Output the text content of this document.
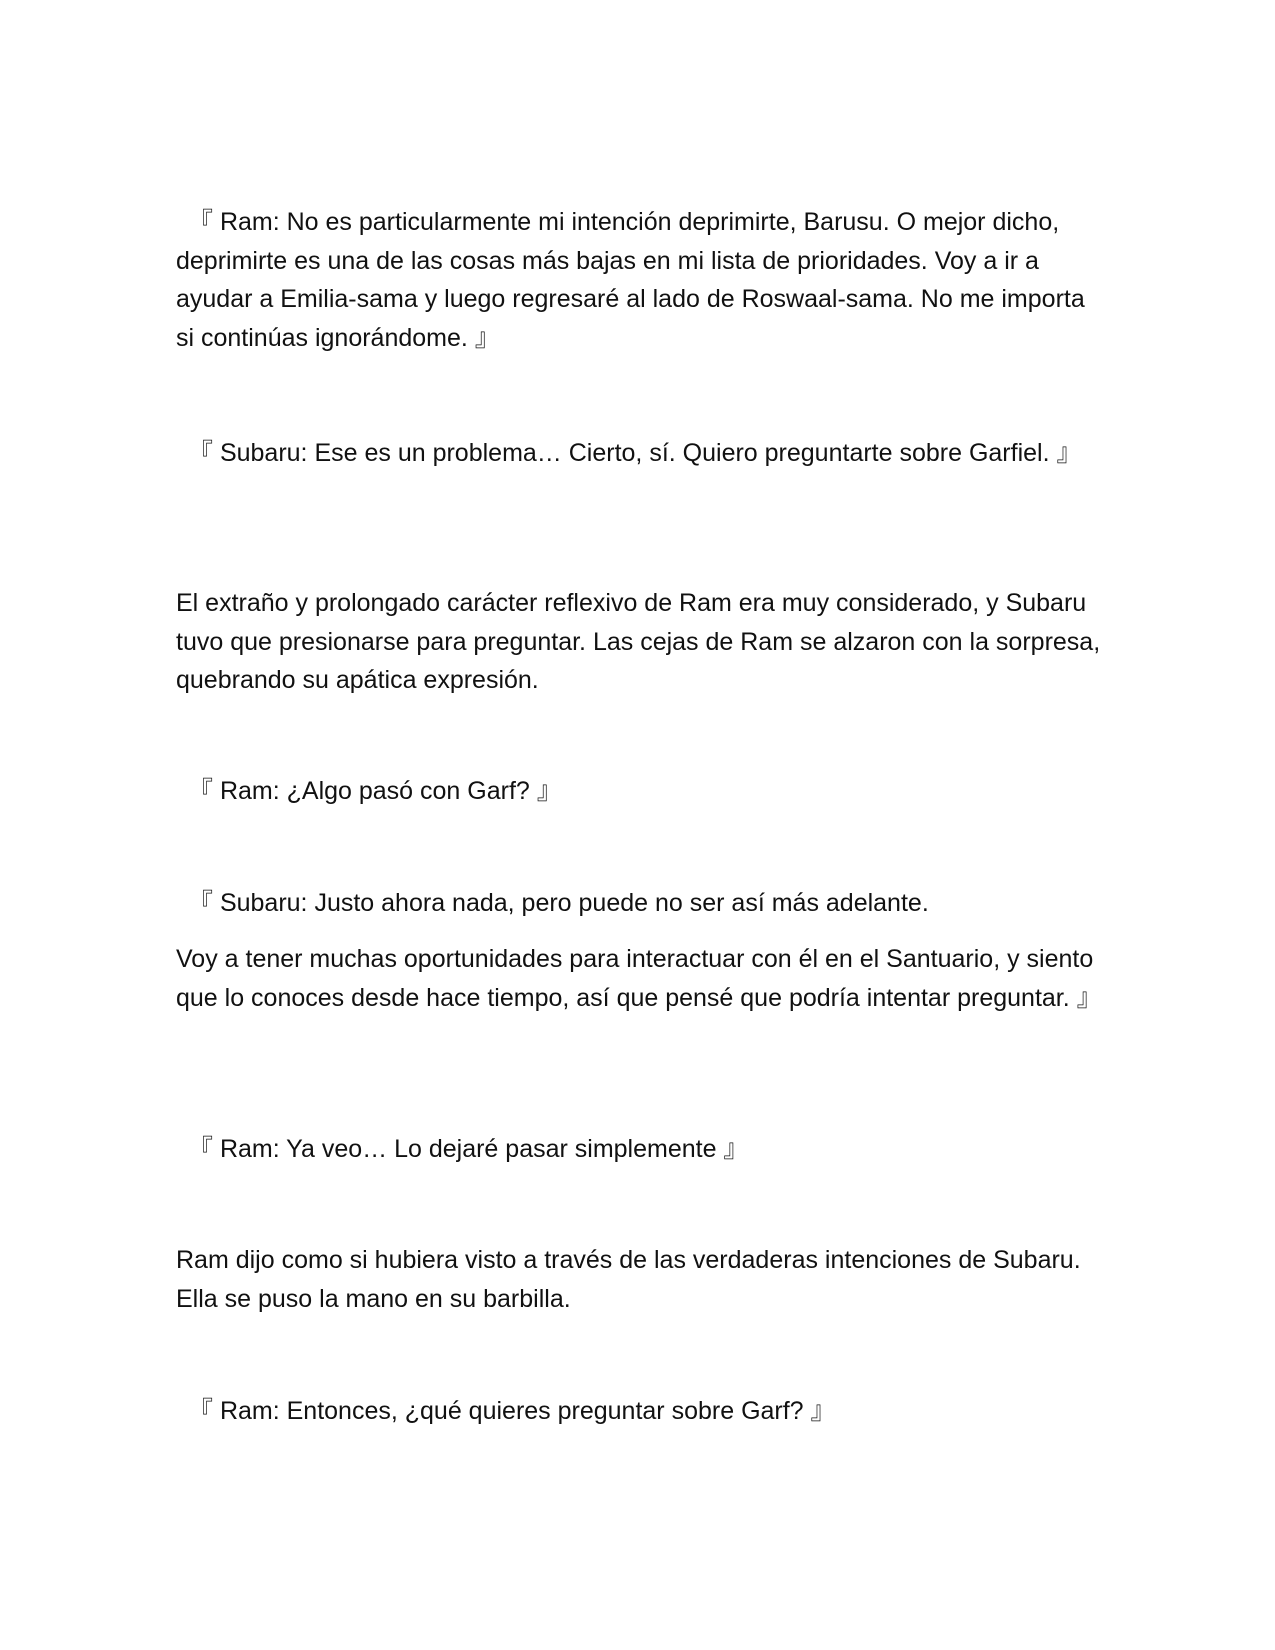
『 Ram: No es particularmente mi intención deprimirte, Barusu. O mejor dicho, deprimirte es una de las cosas más bajas en mi lista de prioridades. Voy a ir a ayudar a Emilia-sama y luego regresaré al lado de Roswaal-sama. No me importa si continúas ignorándome. 』

『 Subaru: Ese es un problema… Cierto, sí. Quiero preguntarte sobre Garfiel. 』

El extraño y prolongado carácter reflexivo de Ram era muy considerado, y Subaru tuvo que presionarse para preguntar. Las cejas de Ram se alzaron con la sorpresa, quebrando su apática expresión.

『 Ram: ¿Algo pasó con Garf? 』

『 Subaru: Justo ahora nada, pero puede no ser así más adelante.

Voy a tener muchas oportunidades para interactuar con él en el Santuario, y siento que lo conoces desde hace tiempo, así que pensé que podría intentar preguntar. 』

『 Ram: Ya veo… Lo dejaré pasar simplemente 』

Ram dijo como si hubiera visto a través de las verdaderas intenciones de Subaru. Ella se puso la mano en su barbilla.

『 Ram: Entonces, ¿qué quieres preguntar sobre Garf? 』
